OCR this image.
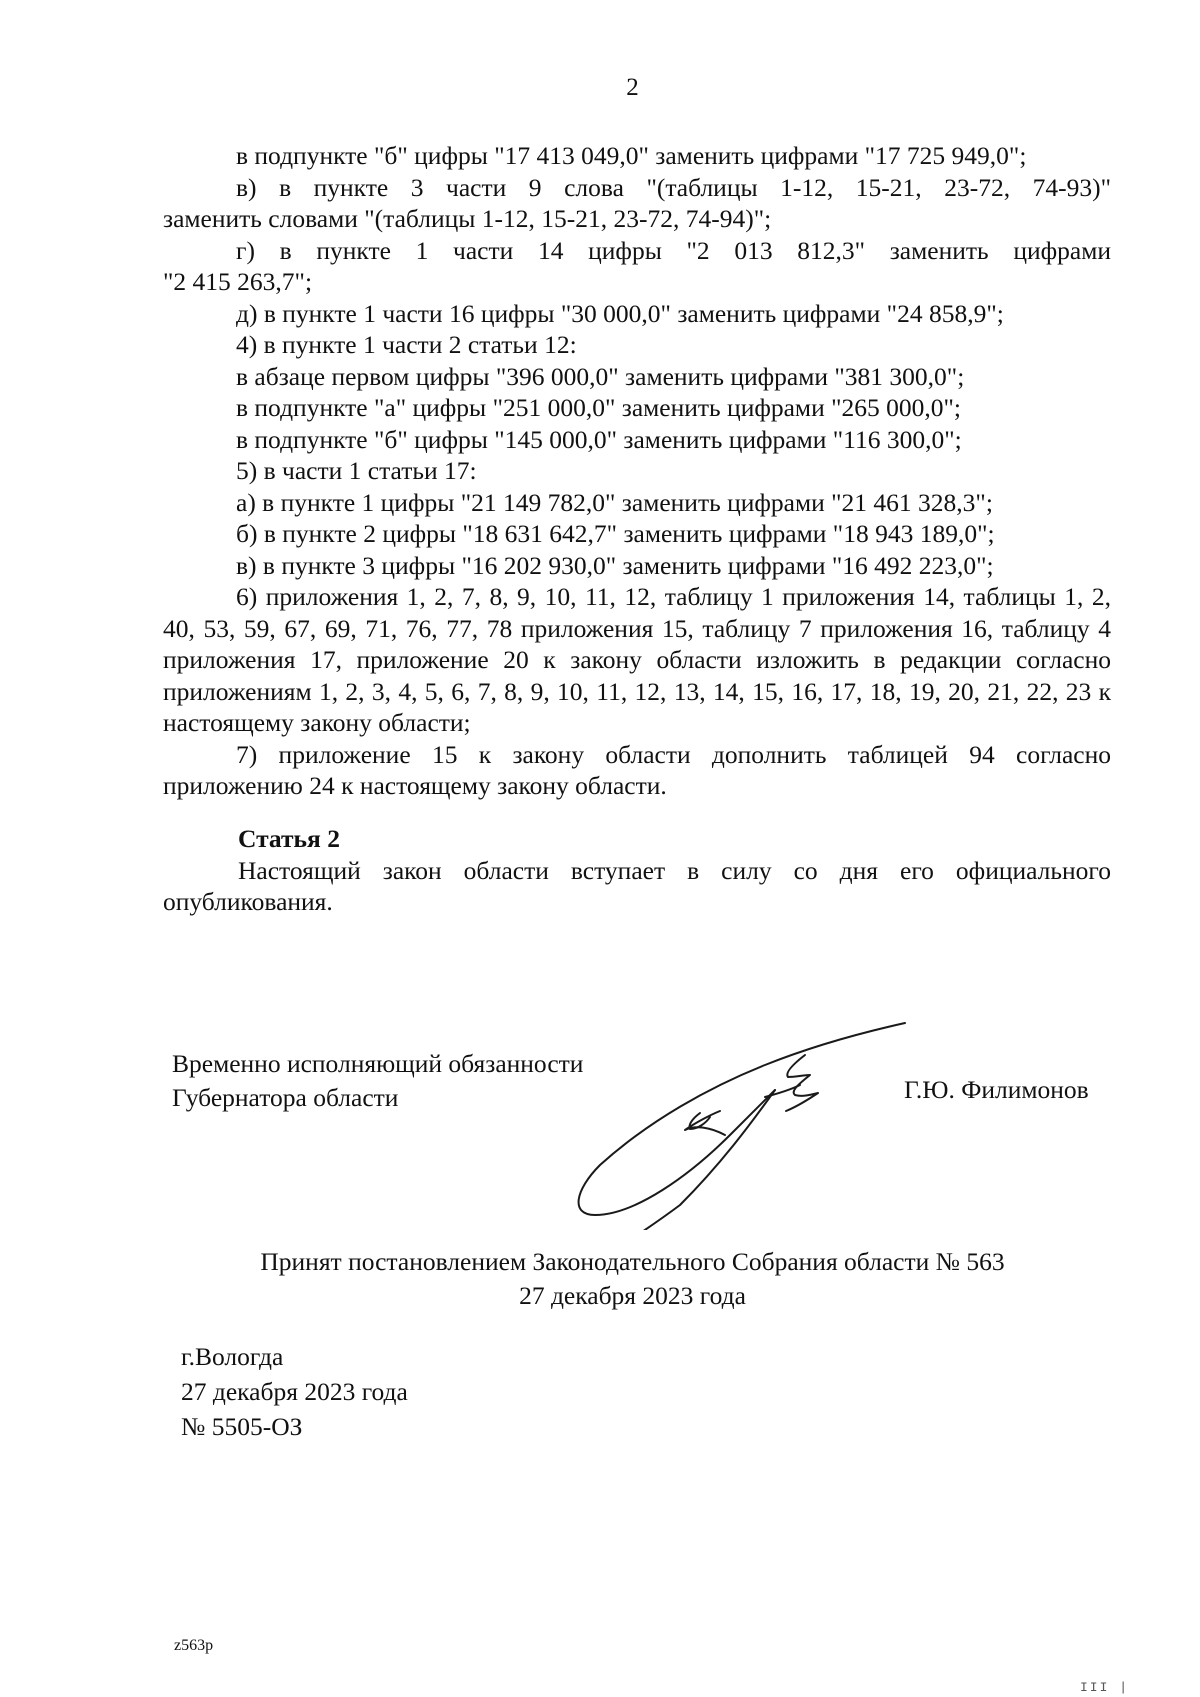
2
в подпункте "б" цифры "17 413 049,0" заменить цифрами "17 725 949,0";
в) в пункте 3 части 9 слова "(таблицы 1-12, 15-21, 23-72, 74-93)"
заменить словами "(таблицы 1-12, 15-21, 23-72, 74-94)";
г) в пункте 1 части 14 цифры "2 013 812,3" заменить цифрами
"2 415 263,7";
д) в пункте 1 части 16 цифры "30 000,0" заменить цифрами "24 858,9";
4) в пункте 1 части 2 статьи 12:
в абзаце первом цифры "396 000,0" заменить цифрами "381 300,0";
в подпункте "а" цифры "251 000,0" заменить цифрами "265 000,0";
в подпункте "б" цифры "145 000,0" заменить цифрами "116 300,0";
5) в части 1 статьи 17:
а) в пункте 1 цифры "21 149 782,0" заменить цифрами "21 461 328,3";
б) в пункте 2 цифры "18 631 642,7" заменить цифрами "18 943 189,0";
в) в пункте 3 цифры "16 202 930,0" заменить цифрами "16 492 223,0";
6) приложения 1, 2, 7, 8, 9, 10, 11, 12, таблицу 1 приложения 14, таблицы 1, 2, 40, 53, 59, 67, 69, 71, 76, 77, 78 приложения 15, таблицу 7 приложения 16, таблицу 4 приложения 17, приложение 20 к закону области изложить в редакции согласно приложениям 1, 2, 3, 4, 5, 6, 7, 8, 9, 10, 11, 12, 13, 14, 15, 16, 17, 18, 19, 20, 21, 22, 23 к настоящему закону области;
7) приложение 15 к закону области дополнить таблицей 94 согласно приложению 24 к настоящему закону области.
Статья 2
Настоящий закон области вступает в силу со дня его официального опубликования.
Временно исполняющий обязанности
Губернатора области	Г.Ю. Филимонов
Принят постановлением Законодательного Собрания области № 563
27 декабря 2023 года
г.Вологда
27 декабря 2023 года
№ 5505-ОЗ
z563p
III |
